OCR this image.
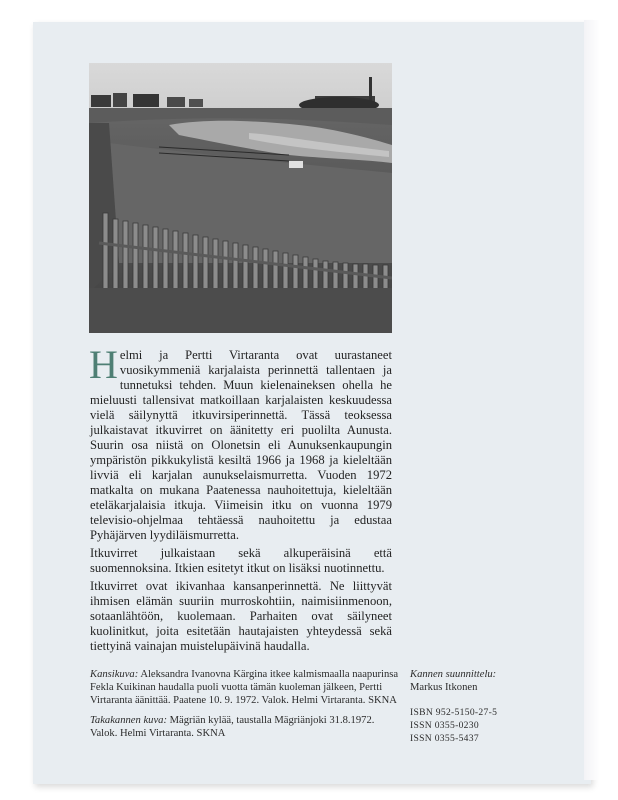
Helmi ja Pertti Virtaranta ovat uurastaneet vuosikymmeniä karjalaista perinnettä tallentaen ja tunnetuksi tehden. Muun kielenaineksen ohella he mieluusti tallensivat matkoillaan karjalaisten keskuudessa vielä säilynyttä itkuvirsiperinnettä. Tässä teoksessa julkaistavat itkuvirret on äänitetty eri puolilta Aunusta. Suurin osa niistä on Olonetsin eli Aunuksenkaupungin ympäristön pikkukylistä kesiltä 1966 ja 1968 ja kieleltään livviä eli karjalan aunukselaismurretta. Vuoden 1972 matkalta on mukana Paatenessa nauhoitettuja, kieleltään eteläkarjalaisia itkuja. Viimeisin itku on vuonna 1979 televisio-ohjelmaa tehtäessä nauhoitettu ja edustaa Pyhäjärven lyydiläismurretta.

Itkuvirret julkaistaan sekä alkuperäisinä että suomennoksina. Itkien esitetyt itkut on lisäksi nuotinnettu.

Itkuvirret ovat ikivanhaa kansanperinnettä. Ne liittyvät ihmisen elämän suuriin murroskohtiin, naimisiinmenoon, sotaanlähtöön, kuolemaan. Parhaiten ovat säilyneet kuolinitkut, joita esitetään hautajaisten yhteydessä sekä tiettyinä vainajan muistelupäivinä haudalla.

Kansikuva: Aleksandra Ivanovna Kärgina itkee kalmismaalla naapurinsa Fekla Kuikinan haudalla puoli vuotta tämän kuoleman jälkeen, Pertti Virtaranta äänittää. Paatene 10. 9. 1972. Valok. Helmi Virtaranta. SKNA

Takakannen kuva: Mägriän kylää, taustalla Mägriänjoki 31.8.1972. Valok. Helmi Virtaranta. SKNA

Kannen suunnittelu:
Markus Itkonen
ISBN 952-5150-27-5
ISSN 0355-0230
ISSN 0355-5437
